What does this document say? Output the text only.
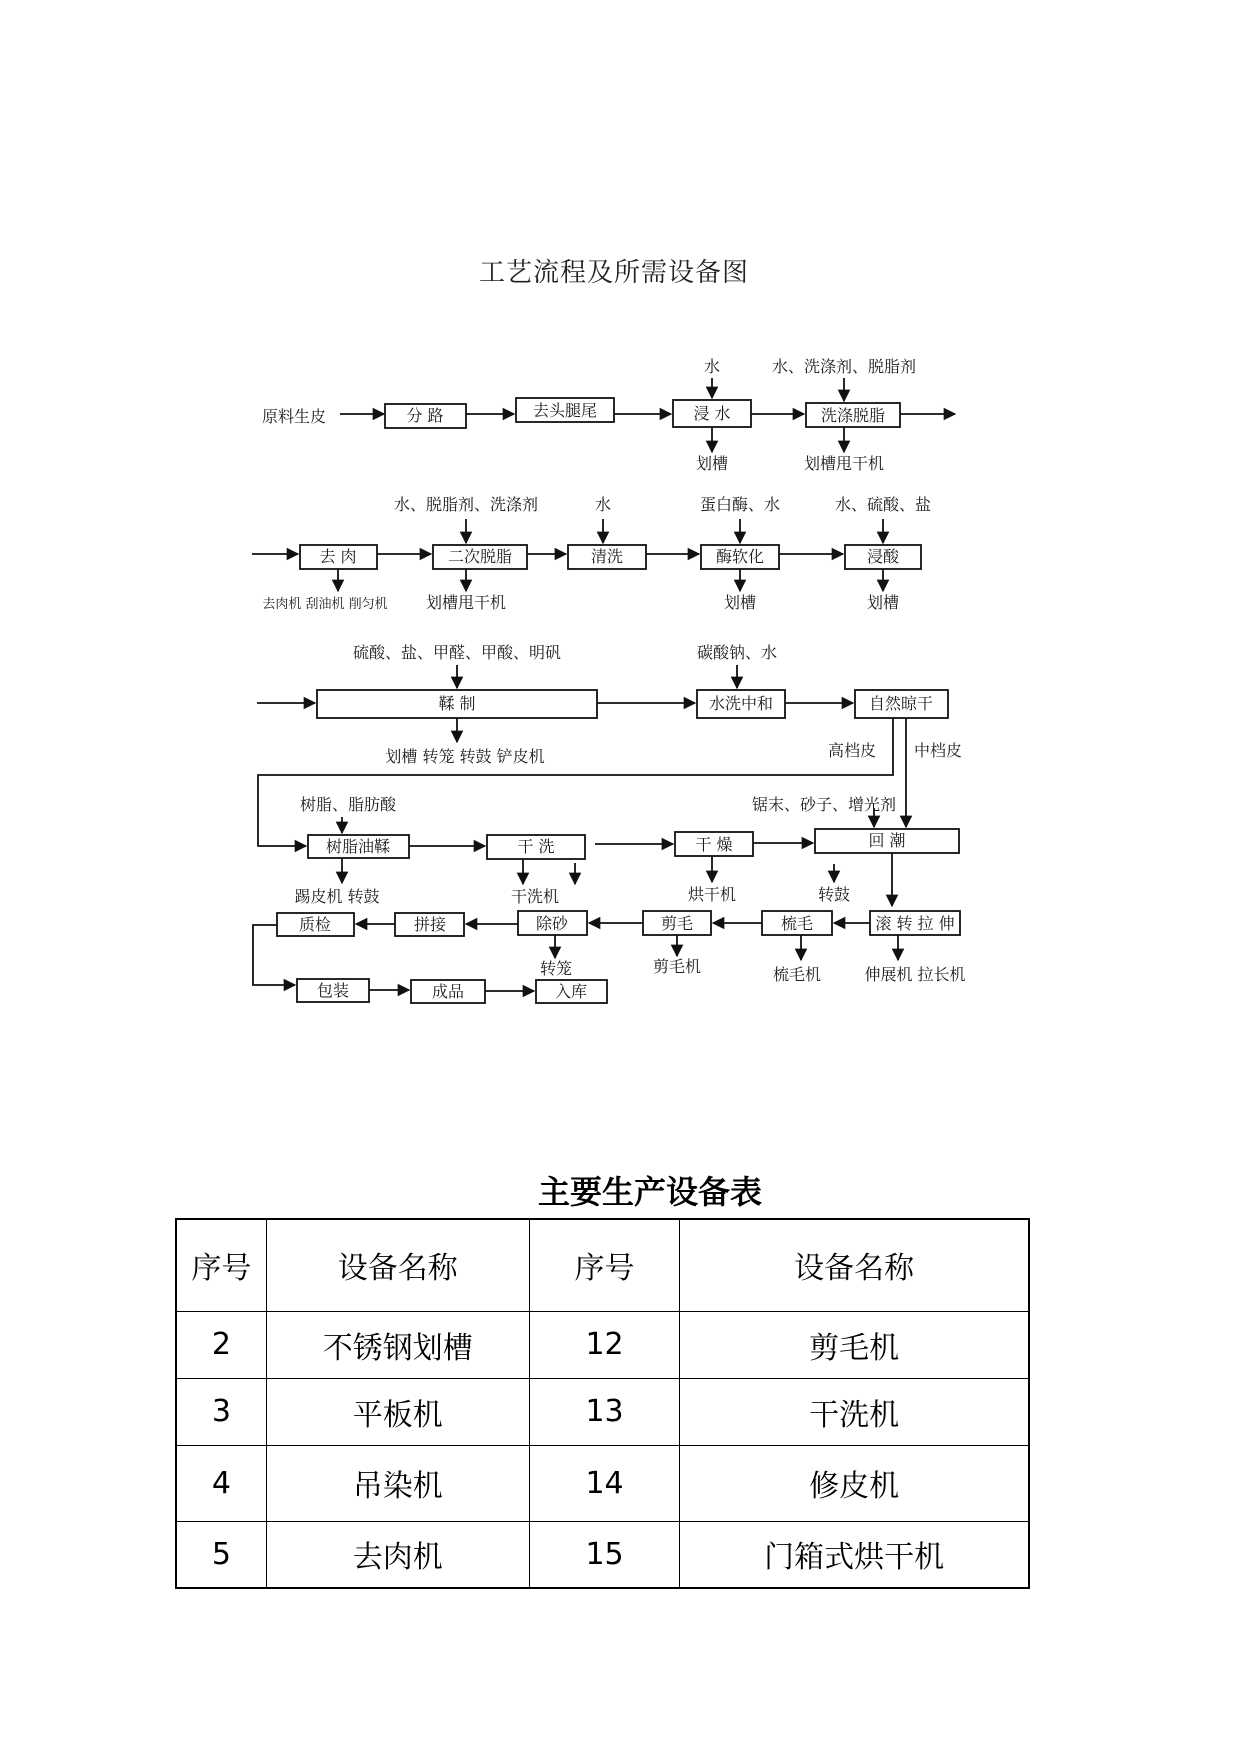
工艺流程及所需设备图
原料生皮	分 路	去头腿尾	浸 水	洗涤脱脂
水	水、洗涤剂、脱脂剂
划槽	划槽甩干机
去 肉	二次脱脂	清洗	酶软化	浸酸
水、脱脂剂、洗涤剂	水	蛋白酶、水	水、硫酸、盐
去肉机 刮油机 削匀机 划槽甩干机	划槽	划槽
鞣 制	水洗中和	自然晾干
硫酸、盐、甲醛、甲酸、明矾	碳酸钠、水
划槽 转笼 转鼓 铲皮机	高档皮 中档皮
树脂油鞣	干 洗	干 燥	回 潮
树脂、脂肪酸	锯末、砂子、增光剂
踢皮机 转鼓	干洗机	烘干机	转鼓
质检	拼接	除砂	剪毛	梳毛	滚 转 拉 伸
转笼	剪毛机	梳毛机	伸展机 拉长机
包装	成品	入库
主要生产设备表
序号	设备名称	序号	设备名称
2	不锈钢划槽	12	剪毛机
3	平板机	13	干洗机
4	吊染机	14	修皮机
5	去肉机	15	门箱式烘干机
